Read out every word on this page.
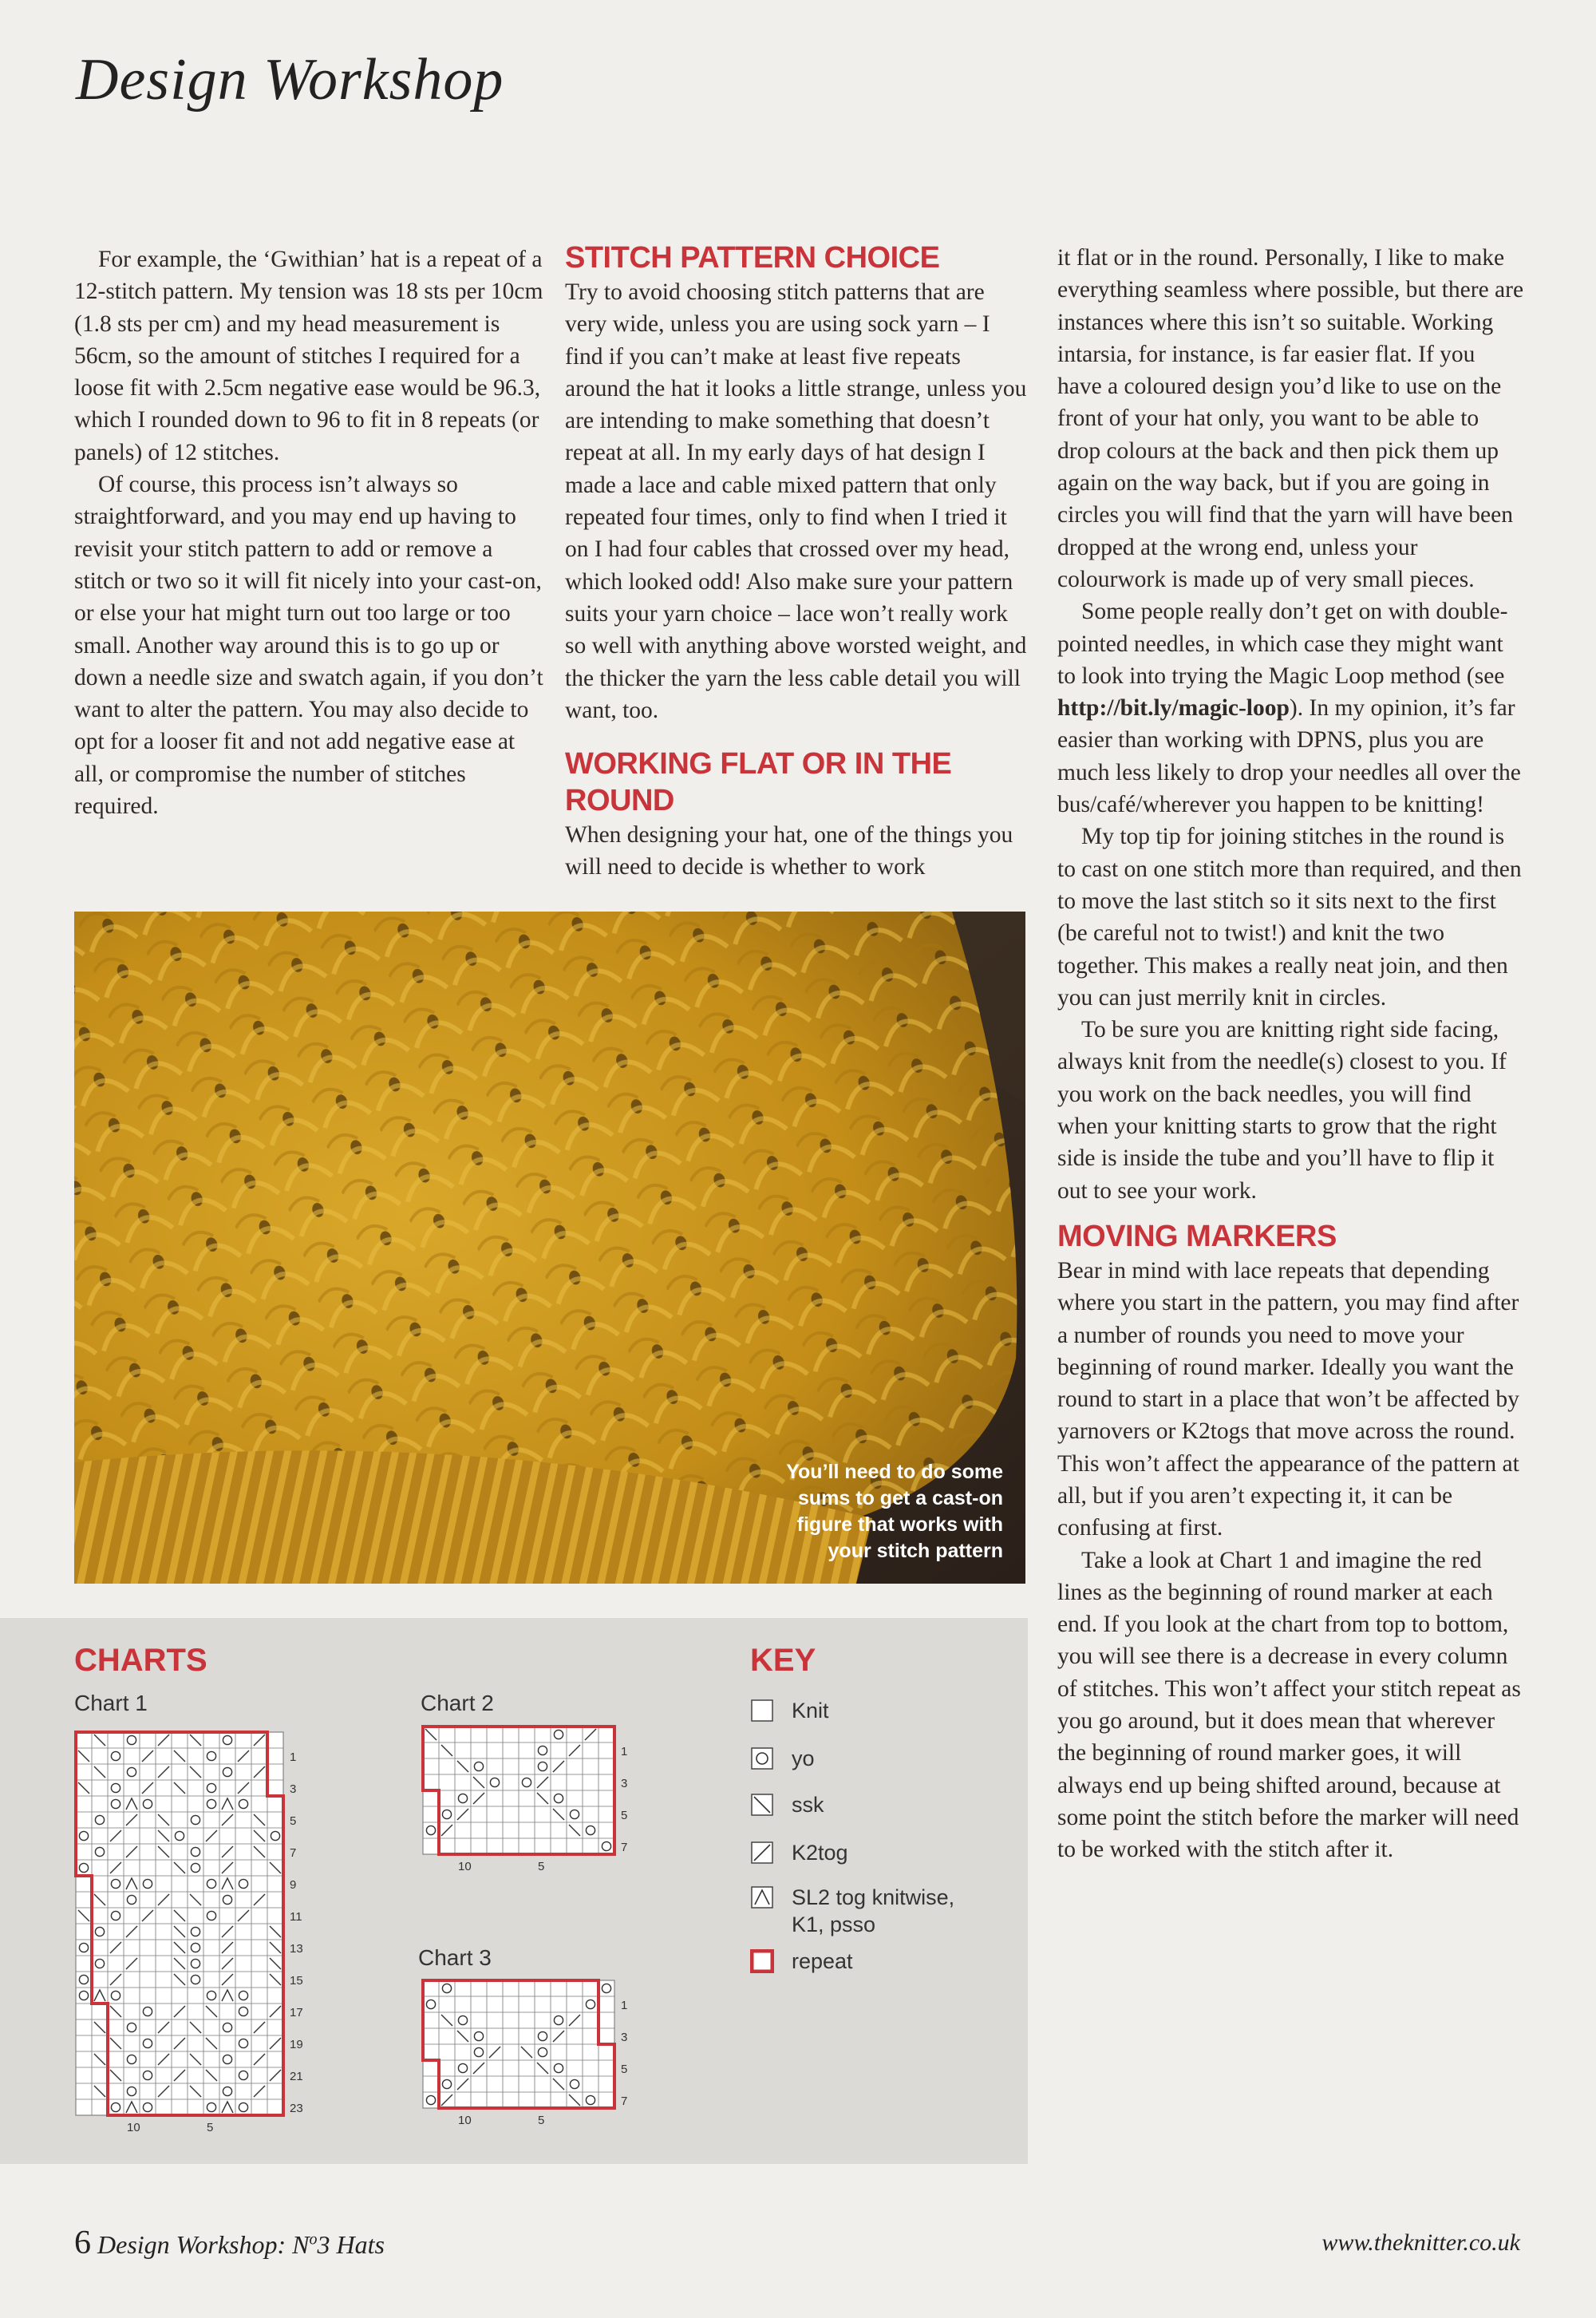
Design Workshop

For example, the ‘Gwithian’ hat is a repeat of a 12-stitch pattern. My tension was 18 sts per 10cm (1.8 sts per cm) and my head measurement is 56cm, so the amount of stitches I required for a loose fit with 2.5cm negative ease would be 96.3, which I rounded down to 96 to fit in 8 repeats (or panels) of 12 stitches.

Of course, this process isn’t always so straightforward, and you may end up having to revisit your stitch pattern to add or remove a stitch or two so it will fit nicely into your cast-on, or else your hat might turn out too large or too small. Another way around this is to go up or down a needle size and swatch again, if you don’t want to alter the pattern. You may also decide to opt for a looser fit and not add negative ease at all, or compromise the number of stitches required.

STITCH PATTERN CHOICE

Try to avoid choosing stitch patterns that are very wide, unless you are using sock yarn – I find if you can’t make at least five repeats around the hat it looks a little strange, unless you are intending to make something that doesn’t repeat at all. In my early days of hat design I made a lace and cable mixed pattern that only repeated four times, only to find when I tried it on I had four cables that crossed over my head, which looked odd! Also make sure your pattern suits your yarn choice – lace won’t really work so well with anything above worsted weight, and the thicker the yarn the less cable detail you will want, too.

WORKING FLAT OR IN THE ROUND

When designing your hat, one of the things you will need to decide is whether to work

it flat or in the round. Personally, I like to make everything seamless where possible, but there are instances where this isn’t so suitable. Working intarsia, for instance, is far easier flat. If you have a coloured design you’d like to use on the front of your hat only, you want to be able to drop colours at the back and then pick them up again on the way back, but if you are going in circles you will find that the yarn will have been dropped at the wrong end, unless your colourwork is made up of very small pieces.

Some people really don’t get on with double-pointed needles, in which case they might want to look into trying the Magic Loop method (see http://bit.ly/magic-loop). In my opinion, it’s far easier than working with DPNS, plus you are much less likely to drop your needles all over the bus/café/wherever you happen to be knitting!

My top tip for joining stitches in the round is to cast on one stitch more than required, and then to move the last stitch so it sits next to the first (be careful not to twist!) and knit the two together. This makes a really neat join, and then you can just merrily knit in circles.

To be sure you are knitting right side facing, always knit from the needle(s) closest to you. If you work on the back needles, you will find when your knitting starts to grow that the right side is inside the tube and you’ll have to flip it out to see your work.

MOVING MARKERS

Bear in mind with lace repeats that depending where you start in the pattern, you may find after a number of rounds you need to move your beginning of round marker. Ideally you want the round to start in a place that won’t be affected by yarnovers or K2togs that move across the round. This won’t affect the appearance of the pattern at all, but if you aren’t expecting it, it can be confusing at first.

Take a look at Chart 1 and imagine the red lines as the beginning of round marker at each end. If you look at the chart from top to bottom, you will see there is a decrease in every column of stitches. This won’t affect your stitch repeat as you go around, but it does mean that wherever the beginning of round marker goes, it will always end up being shifted around, because at some point the stitch before the marker will need to be worked with the stitch after it.

You’ll need to do some sums to get a cast-on figure that works with your stitch pattern
CHARTS
Chart 1
23
21
19
17
15
13
11
9
7
5
3
1
10	5
Chart 2
7
5
3
1
10	5
Chart 3
7
5
3
1
10	5
KEY
Knit
yo
ssk
K2tog
SL2 tog knitwise, K1, psso
repeat
6 Design Workshop: $N^o3$ Hats	www.theknitter.co.uk
